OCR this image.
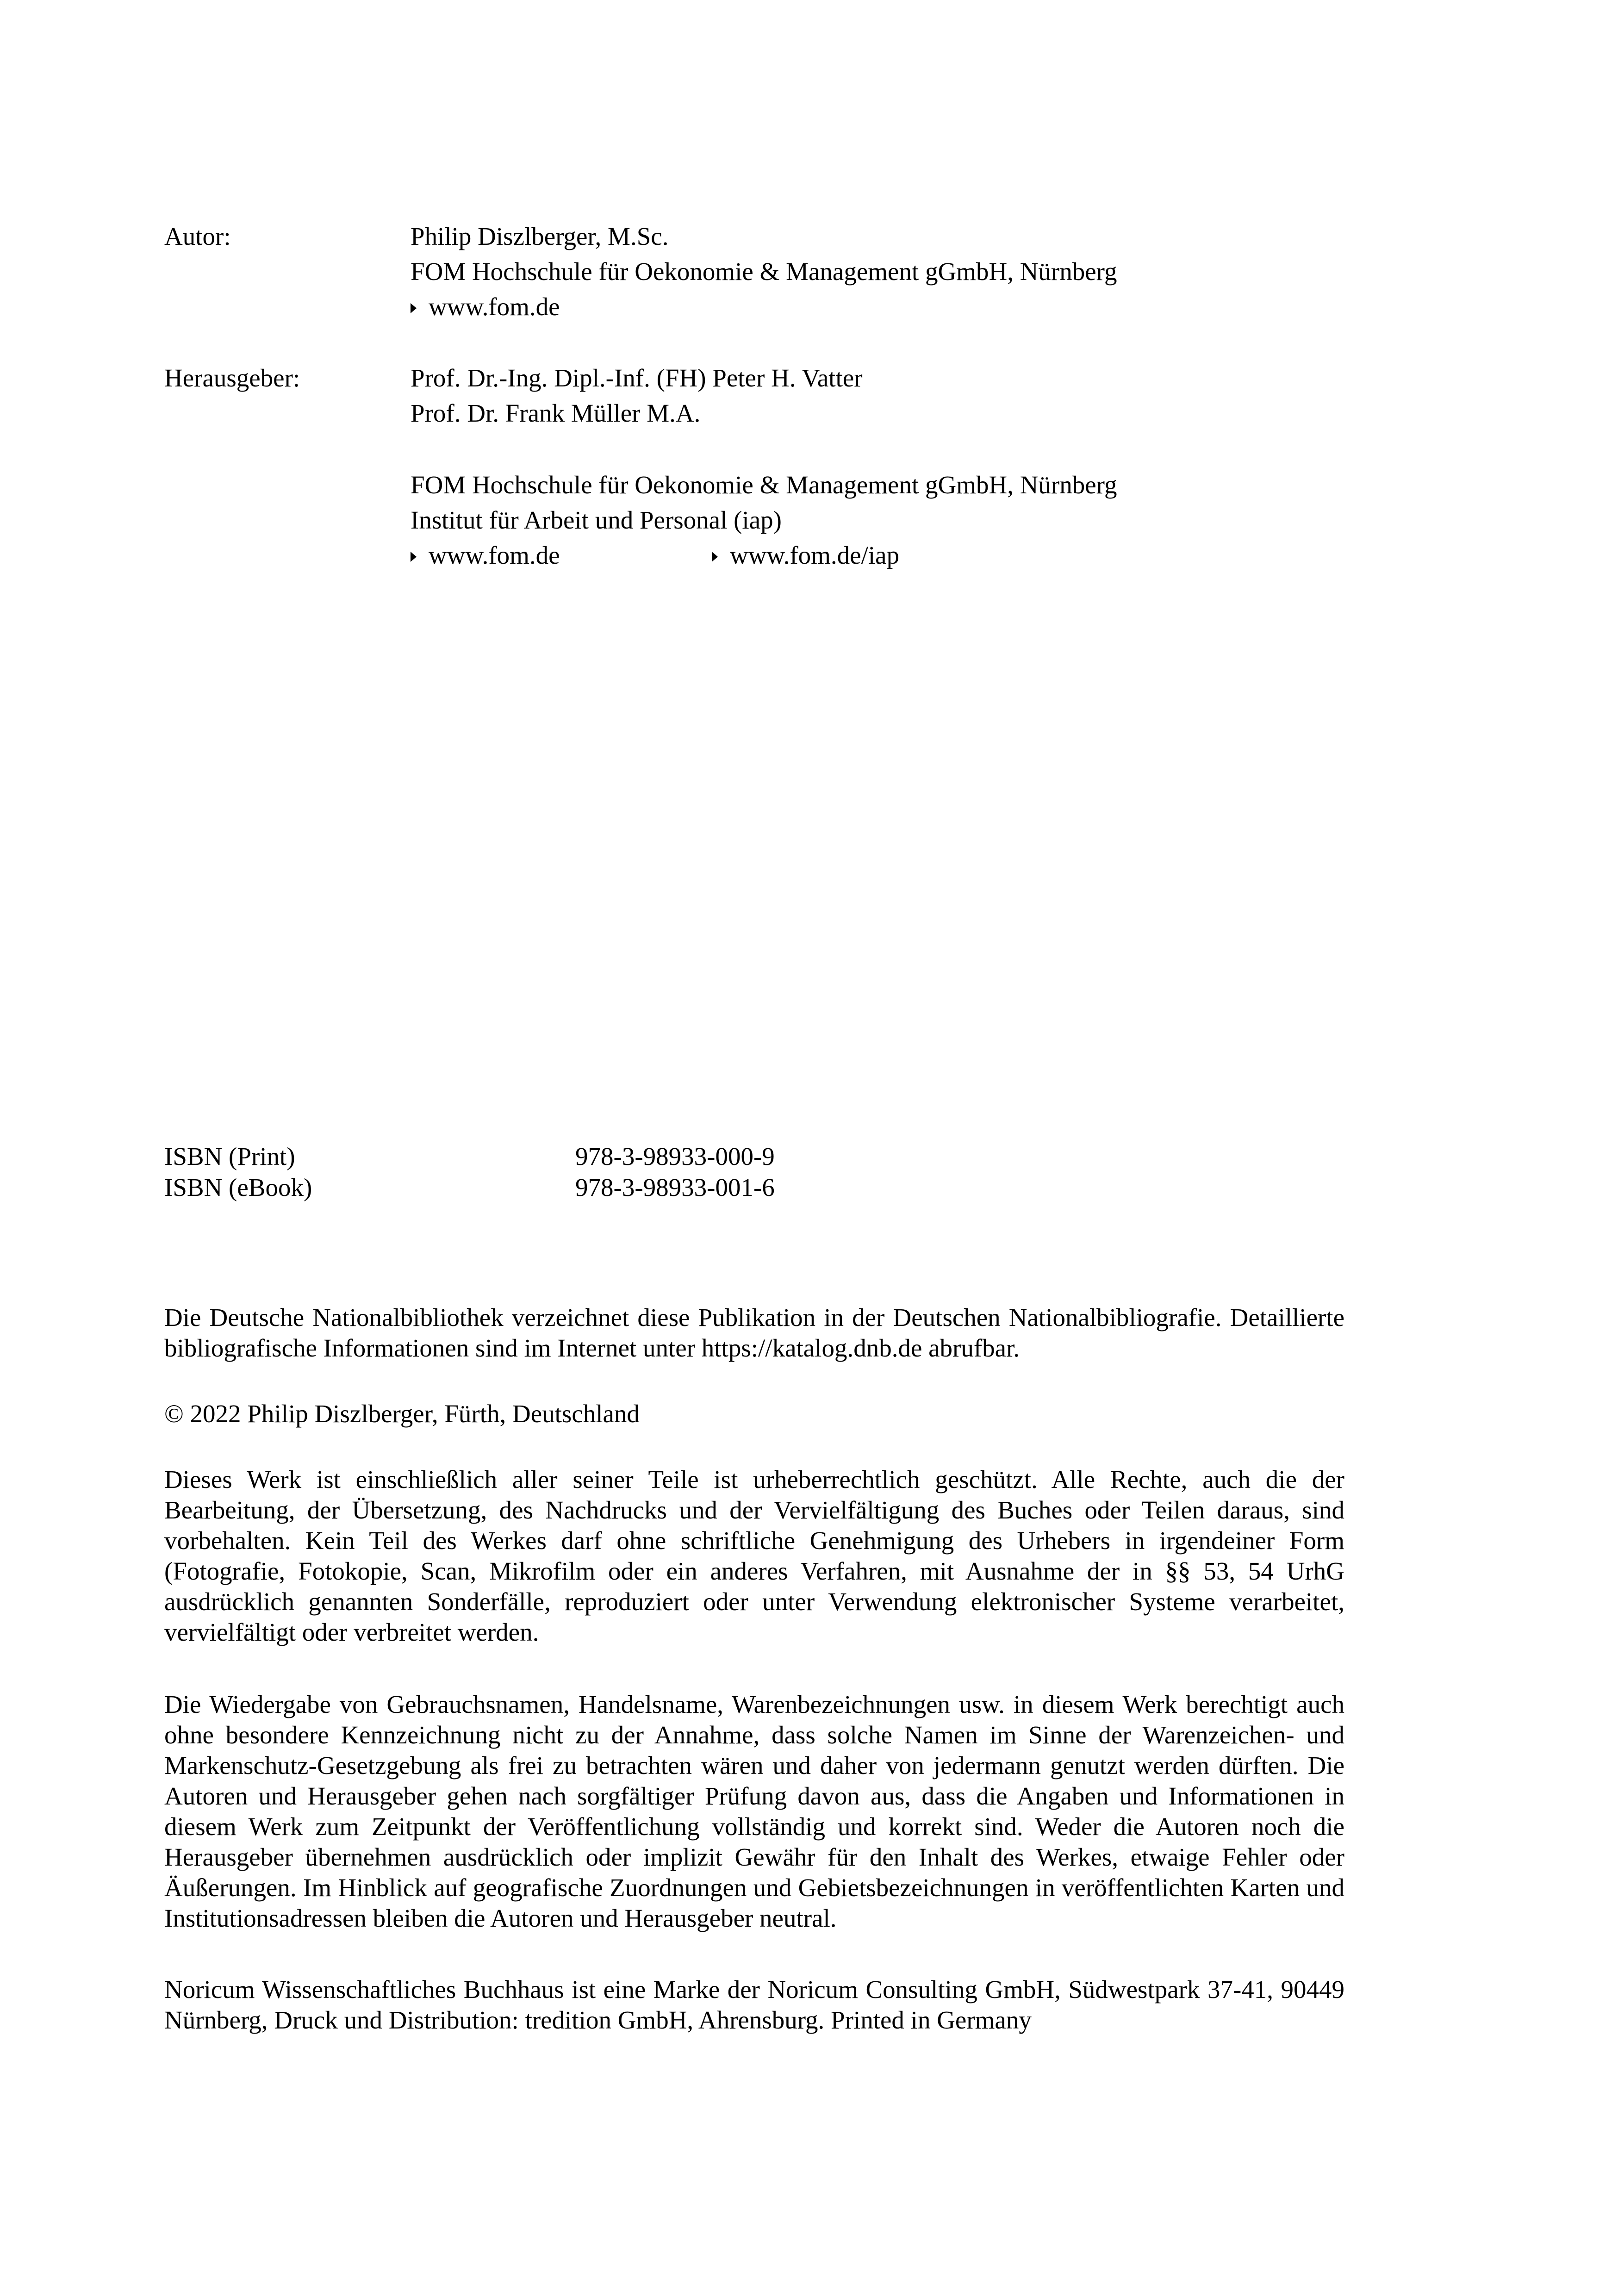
Autor:	Philip Diszlberger, M.Sc.
FOM Hochschule für Oekonomie & Management gGmbH, Nürnberg
www.fom.de
Herausgeber:	Prof. Dr.-Ing. Dipl.-Inf. (FH) Peter H. Vatter
Prof. Dr. Frank Müller M.A.
FOM Hochschule für Oekonomie & Management gGmbH, Nürnberg
Institut für Arbeit und Personal (iap)
www.fom.de	www.fom.de/iap
ISBN (Print)	978-3-98933-000-9
ISBN (eBook)	978-3-98933-001-6

Die Deutsche Nationalbibliothek verzeichnet diese Publikation in der Deutschen Nationalbibliografie. Detaillierte bibliografische Informationen sind im Internet unter https://katalog.dnb.de abrufbar.

© 2022 Philip Diszlberger, Fürth, Deutschland

Dieses Werk ist einschließlich aller seiner Teile ist urheberrechtlich geschützt. Alle Rechte, auch die der Bearbeitung, der Übersetzung, des Nachdrucks und der Vervielfältigung des Buches oder Teilen daraus, sind vorbehalten. Kein Teil des Werkes darf ohne schriftliche Genehmigung des Urhebers in irgendeiner Form (Fotografie, Fotokopie, Scan, Mikrofilm oder ein anderes Verfahren, mit Ausnahme der in §§ 53, 54 UrhG ausdrücklich genannten Sonderfälle, reproduziert oder unter Verwendung elektronischer Systeme verarbeitet, vervielfältigt oder verbreitet werden.

Die Wiedergabe von Gebrauchsnamen, Handelsname, Warenbezeichnungen usw. in diesem Werk berechtigt auch ohne besondere Kennzeichnung nicht zu der Annahme, dass solche Namen im Sinne der Warenzeichen- und Markenschutz-Gesetzgebung als frei zu betrachten wären und daher von jedermann genutzt werden dürften. Die Autoren und Herausgeber gehen nach sorgfältiger Prüfung davon aus, dass die Angaben und Informationen in diesem Werk zum Zeitpunkt der Veröffentlichung vollständig und korrekt sind. Weder die Autoren noch die Herausgeber übernehmen ausdrücklich oder implizit Gewähr für den Inhalt des Werkes, etwaige Fehler oder Äußerungen. Im Hinblick auf geografische Zuordnungen und Gebietsbezeichnungen in veröffentlichten Karten und Institutionsadressen bleiben die Autoren und Herausgeber neutral.

Noricum Wissenschaftliches Buchhaus ist eine Marke der Noricum Consulting GmbH, Südwestpark 37-41, 90449 Nürnberg, Druck und Distribution: tredition GmbH, Ahrensburg. Printed in Germany
